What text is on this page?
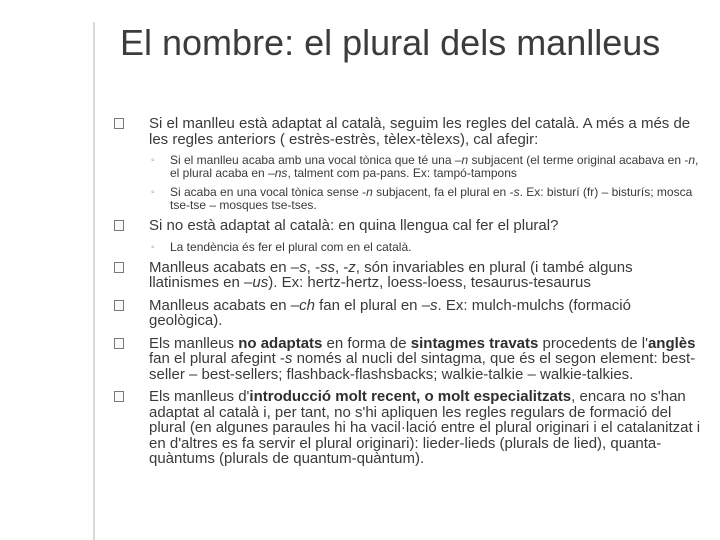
El nombre: el plural dels manlleus
Si el manlleu està adaptat al català, seguim les regles del català. A més a més de les regles anteriors ( estrès-estrès, tèlex-tèlexs), cal afegir:
◦ Si el manlleu acaba amb una vocal tònica que té una –n subjacent (el terme original acabava en -n, el plural acaba en –ns, talment com pa-pans. Ex: tampó-tampons
◦ Si acaba en una vocal tònica sense -n subjacent, fa el plural en -s. Ex: bisturí (fr) – bisturís; mosca tse-tse – mosques tse-tses.
Si no està adaptat al català: en quina llengua cal fer el plural?
◦ La tendència és fer el plural com en el català.
Manlleus acabats en –s, -ss, -z, són invariables en plural (i també alguns llatinismes en –us). Ex: hertz-hertz, loess-loess, tesaurus-tesaurus
Manlleus acabats en –ch fan el plural en –s. Ex: mulch-mulchs (formació geològica).
Els manlleus no adaptats en forma de sintagmes travats procedents de l'anglès fan el plural afegint -s només al nucli del sintagma, que és el segon element: best-seller – best-sellers; flashback-flashsbacks; walkie-talkie – walkie-talkies.
Els manlleus d'introducció molt recent, o molt especialitzats, encara no s'han adaptat al català i, per tant, no s'hi apliquen les regles regulars de formació del plural (en algunes paraules hi ha vacil·lació entre el plural originari i el catalanitzat i en d'altres es fa servir el plural originari): lieder-lieds (plurals de lied), quanta-quàntums (plurals de quantum-quàntum).
